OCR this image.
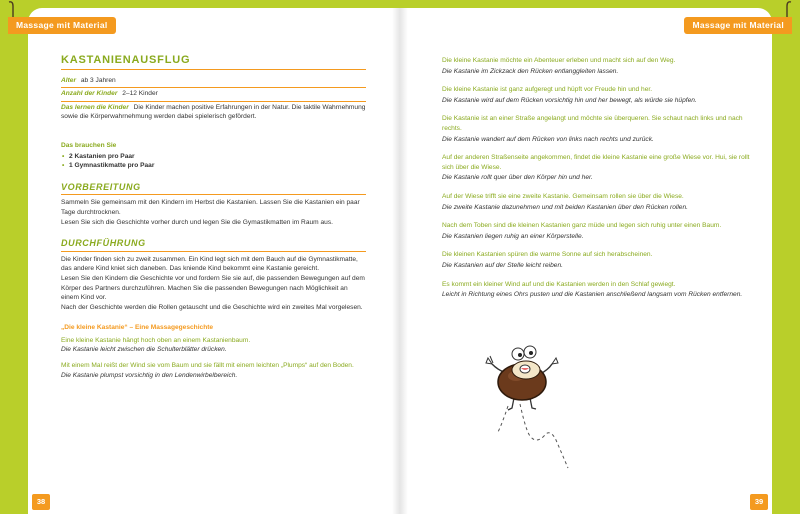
Massage mit Material	Massage mit Material
KASTANIENAUSFLUG
Alter ab 3 Jahren
Anzahl der Kinder 2–12 Kinder
Das lernen die Kinder Die Kinder machen positive Erfahrungen in der Natur. Die taktile Wahrnehmung sowie die Körperwahrnehmung werden dabei spielerisch gefördert.
Das brauchen Sie
• 2 Kastanien pro Paar
• 1 Gymnastikmatte pro Paar
VORBEREITUNG
Sammeln Sie gemeinsam mit den Kindern im Herbst die Kastanien. Lassen Sie die Kastanien ein paar Tage durchtrocknen.
Lesen Sie sich die Geschichte vorher durch und legen Sie die Gymastikmatten im Raum aus.
DURCHFÜHRUNG
Die Kinder finden sich zu zweit zusammen. Ein Kind legt sich mit dem Bauch auf die Gymnastikmatte, das andere Kind kniet sich daneben. Das kniende Kind bekommt eine Kastanie gereicht.
Lesen Sie den Kindern die Geschichte vor und fordern Sie sie auf, die passenden Bewegungen auf dem Körper des Partners durchzuführen. Machen Sie die passenden Bewegungen nach Möglichkeit an einem Kind vor.
Nach der Geschichte werden die Rollen getauscht und die Geschichte wird ein zweites Mal vorgelesen.
„Die kleine Kastanie“ – Eine Massagegeschichte
Eine kleine Kastanie hängt hoch oben an einem Kastanienbaum.
Die Kastanie leicht zwischen die Schulterblätter drücken.
Mit einem Mal reißt der Wind sie vom Baum und sie fällt mit einem leichten „Plumps“ auf den Boden.
Die Kastanie plumpst vorsichtig in den Lendenwirbelbereich.
Die kleine Kastanie möchte ein Abenteuer erleben und macht sich auf den Weg.
Die Kastanie im Zickzack den Rücken entlanggleiten lassen.
Die kleine Kastanie ist ganz aufgeregt und hüpft vor Freude hin und her.
Die Kastanie wird auf dem Rücken vorsichtig hin und her bewegt, als würde sie hüpfen.
Die Kastanie ist an einer Straße angelangt und möchte sie überqueren. Sie schaut nach links und nach rechts.
Die Kastanie wandert auf dem Rücken von links nach rechts und zurück.
Auf der anderen Straßenseite angekommen, findet die kleine Kastanie eine große Wiese vor. Hui, sie rollt sich über die Wiese.
Die Kastanie rollt quer über den Körper hin und her.
Auf der Wiese trifft sie eine zweite Kastanie. Gemeinsam rollen sie über die Wiese.
Die zweite Kastanie dazunehmen und mit beiden Kastanien über den Rücken rollen.
Nach dem Toben sind die kleinen Kastanien ganz müde und legen sich ruhig unter einen Baum.
Die Kastanien liegen ruhig an einer Körperstelle.
Die kleinen Kastanien spüren die warme Sonne auf sich herabscheinen.
Die Kastanien auf der Stelle leicht reiben.
Es kommt ein kleiner Wind auf und die Kastanien werden in den Schlaf gewiegt.
Leicht in Richtung eines Ohrs pusten und die Kastanien anschließend langsam vom Rücken entfernen.
38	39
